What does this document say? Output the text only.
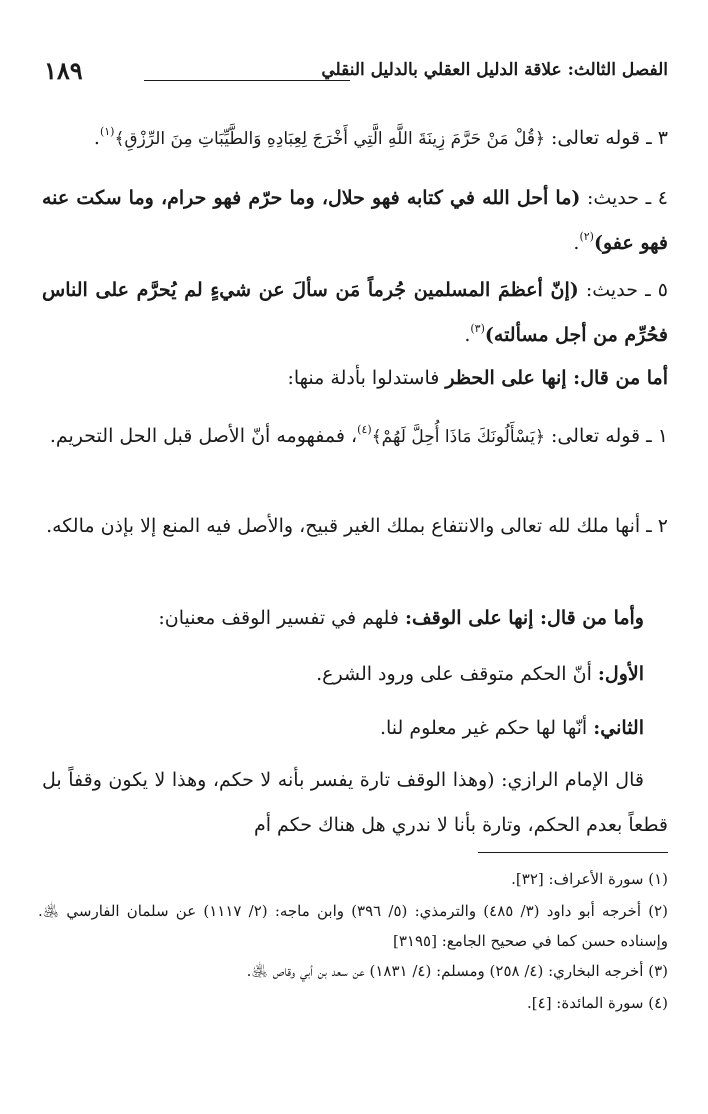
الفصل الثالث: علاقة الدليل العقلي بالدليل النقلي
١٨٩

٣ ـ قوله تعالى: ﴿قُلْ مَنْ حَرَّمَ زِينَةَ اللَّهِ الَّتِي أَخْرَجَ لِعِبَادِهِ وَالطَّيِّبَاتِ مِنَ الرِّزْقِ﴾$^{(١)}$.

٤ ـ حديث: (ما أحل الله في كتابه فهو حلال، وما حرّم فهو حرام، وما سكت عنه فهو عفو)$^{(٢)}$.

٥ ـ حديث: (إنّ أعظمَ المسلمين جُرماً مَن سألَ عن شيءٍ لم يُحرَّم على الناس فحُرِّم من أجل مسألته)$^{(٣)}$.

أما من قال: إنها على الحظر فاستدلوا بأدلة منها:

١ ـ قوله تعالى: ﴿يَسْأَلُونَكَ مَاذَا أُحِلَّ لَهُمْ﴾$^{(٤)}$، فمفهومه أنّ الأصل قبل الحل التحريم.

٢ ـ أنها ملك لله تعالى والانتفاع بملك الغير قبيح، والأصل فيه المنع إلا بإذن مالكه.

وأما من قال: إنها على الوقف: فلهم في تفسير الوقف معنيان:

الأول: أنّ الحكم متوقف على ورود الشرع.

الثاني: أنّها لها حكم غير معلوم لنا.

قال الإمام الرازي: (وهذا الوقف تارة يفسر بأنه لا حكم، وهذا لا يكون وقفاً بل قطعاً بعدم الحكم، وتارة بأنا لا ندري هل هناك حكم أم

(١) سورة الأعراف: [٣٢].

(٢) أخرجه أبو داود (٣/ ٤٨٥) والترمذي: (٥/ ٣٩٦) وابن ماجه: (٢/ ١١١٧) عن سلمان الفارسي ﵁. وإسناده حسن كما في صحيح الجامع: [٣١٩٥]

(٣) أخرجه البخاري: (٤/ ٢٥٨) ومسلم: (٤/ ١٨٣١) عن سعد بن أبي وقاص ﵁.

(٤) سورة المائدة: [٤].
